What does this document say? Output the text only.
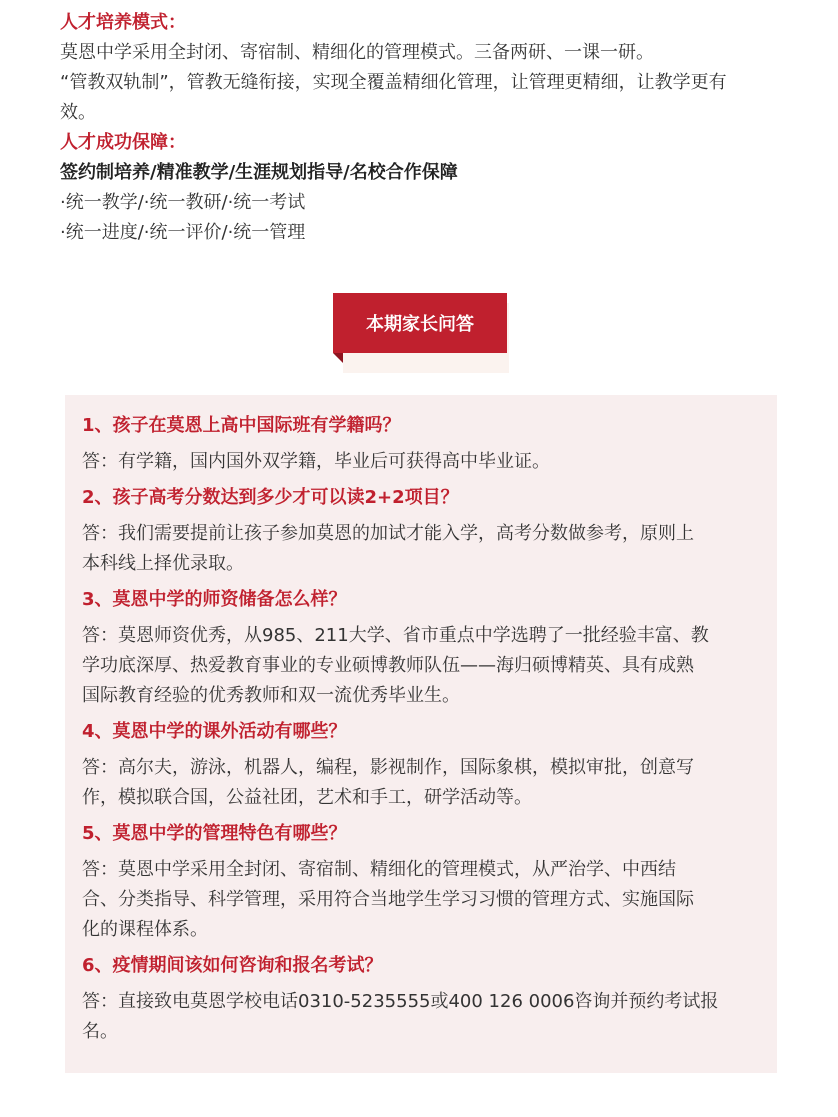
人才培养模式：

莫恩中学采用全封闭、寄宿制、精细化的管理模式。三备两研、一课一研。

“管教双轨制”，管教无缝衔接，实现全覆盖精细化管理，让管理更精细，让教学更有

效。

人才成功保障：

签约制培养/精准教学/生涯规划指导/名校合作保障

·统一教学/·统一教研/·统一考试

·统一进度/·统一评价/·统一管理

本期家长问答

1、孩子在莫恩上高中国际班有学籍吗？

答：有学籍，国内国外双学籍，毕业后可获得高中毕业证。

2、孩子高考分数达到多少才可以读2+2项目？

答：我们需要提前让孩子参加莫恩的加试才能入学，高考分数做参考，原则上
本科线上择优录取。

3、莫恩中学的师资储备怎么样？

答：莫恩师资优秀，从985、211大学、省市重点中学选聘了一批经验丰富、教
学功底深厚、热爱教育事业的专业硕博教师队伍——海归硕博精英、具有成熟
国际教育经验的优秀教师和双一流优秀毕业生。

4、莫恩中学的课外活动有哪些？

答：高尔夫，游泳，机器人，编程，影视制作，国际象棋，模拟审批，创意写
作，模拟联合国，公益社团，艺术和手工，研学活动等。

5、莫恩中学的管理特色有哪些？

答：莫恩中学采用全封闭、寄宿制、精细化的管理模式，从严治学、中西结
合、分类指导、科学管理，采用符合当地学生学习习惯的管理方式、实施国际
化的课程体系。

6、疫情期间该如何咨询和报名考试？

答：直接致电莫恩学校电话0310-5235555或400 126 0006咨询并预约考试报
名。
